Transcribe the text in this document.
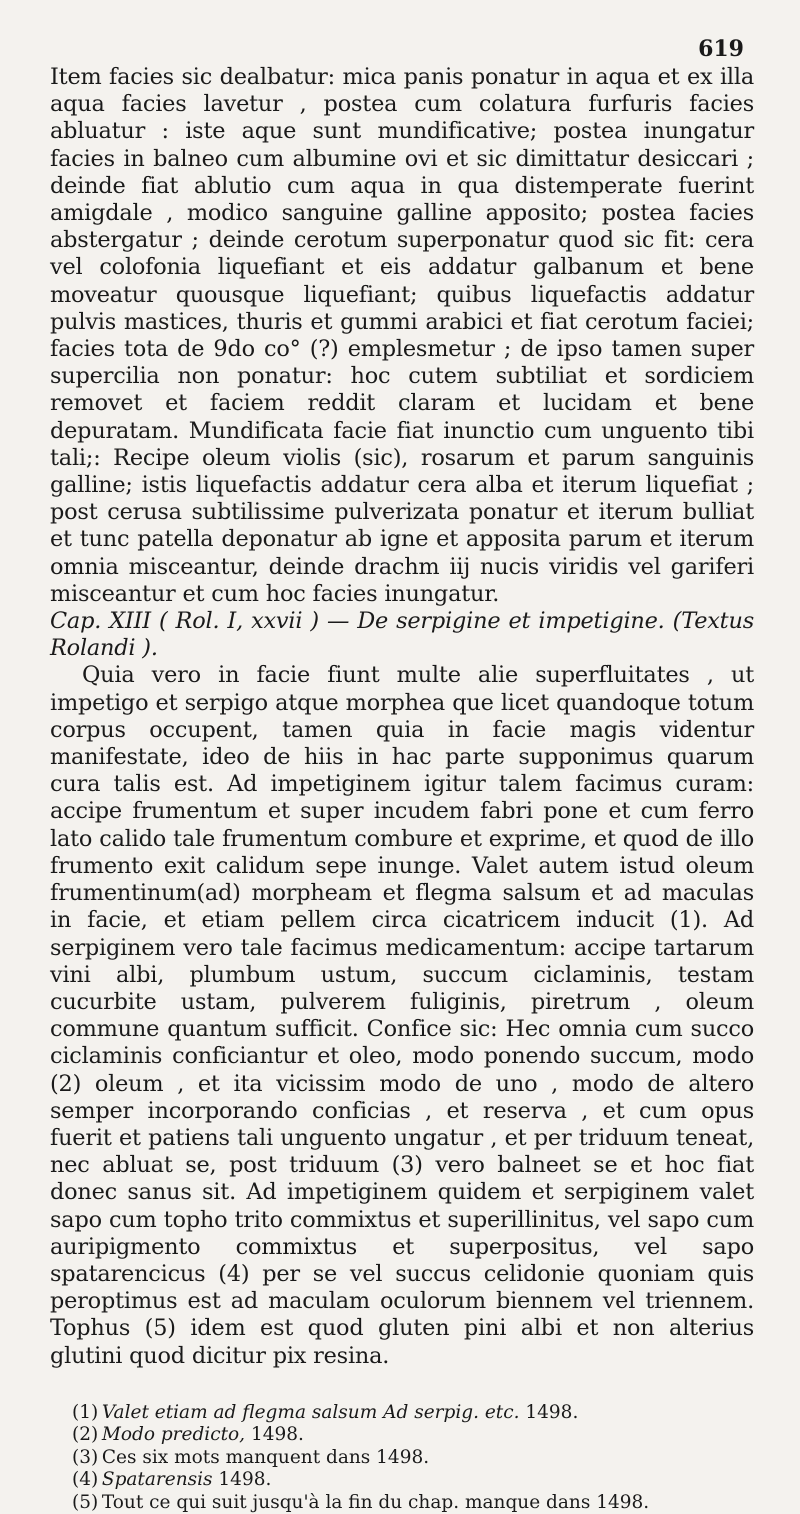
619

Item facies sic dealbatur: mica panis ponatur in aqua et ex illa aqua facies lavetur , postea cum colatura furfuris facies abluatur : iste aque sunt mundificative; postea inungatur facies in balneo cum albumine ovi et sic dimittatur desiccari ; deinde fiat ablutio cum aqua in qua distemperate fuerint amigdale , modico sanguine galline apposito; postea facies abstergatur ; deinde cerotum superponatur quod sic fit: cera vel colofonia liquefiant et eis addatur galbanum et bene moveatur quousque liquefiant; quibus liquefactis addatur pulvis mastices, thuris et gummi arabici et fiat cerotum faciei; facies tota de 9do co° (?) emplesmetur ; de ipso tamen super supercilia non ponatur: hoc cutem subtiliat et sordiciem removet et faciem reddit claram et lucidam et bene depuratam. Mundificata facie fiat inunctio cum unguento tibi tali;: Recipe oleum violis (sic), rosarum et parum sanguinis galline; istis liquefactis addatur cera alba et iterum liquefiat ; post cerusa subtilissime pulverizata ponatur et iterum bulliat et tunc patella deponatur ab igne et apposita parum et iterum omnia misceantur, deinde drachm iij nucis viridis vel gariferi misceantur et cum hoc facies inungatur.

Cap. XIII ( Rol. I, xxvii ) — De serpigine et impetigine. (Textus Rolandi ).

Quia vero in facie fiunt multe alie superfluitates , ut impetigo et serpigo atque morphea que licet quandoque totum corpus occupent, tamen quia in facie magis videntur manifestate, ideo de hiis in hac parte supponimus quarum cura talis est. Ad impetiginem igitur talem facimus curam: accipe frumentum et super incudem fabri pone et cum ferro lato calido tale frumentum combure et exprime, et quod de illo frumento exit calidum sepe inunge. Valet autem istud oleum frumentinum(ad) morpheam et flegma salsum et ad maculas in facie, et etiam pellem circa cicatricem inducit (1). Ad serpiginem vero tale facimus medicamentum: accipe tartarum vini albi, plumbum ustum, succum ciclaminis, testam cucurbite ustam, pulverem fuliginis, piretrum , oleum commune quantum sufficit. Confice sic: Hec omnia cum succo ciclaminis conficiantur et oleo, modo ponendo succum, modo (2) oleum , et ita vicissim modo de uno , modo de altero semper incorporando conficias , et reserva , et cum opus fuerit et patiens tali unguento ungatur , et per triduum teneat, nec abluat se, post triduum (3) vero balneet se et hoc fiat donec sanus sit. Ad impetiginem quidem et serpiginem valet sapo cum topho trito commixtus et superillinitus, vel sapo cum auripigmento commixtus et superpositus, vel sapo spatarencicus (4) per se vel succus celidonie quoniam quis peroptimus est ad maculam oculorum biennem vel triennem. Tophus (5) idem est quod gluten pini albi et non alterius glutini quod dicitur pix resina.

(1) Valet etiam ad flegma salsum Ad serpig. etc. 1498.
(2) Modo predicto, 1498.
(3) Ces six mots manquent dans 1498.
(4) Spatarensis 1498.
(5) Tout ce qui suit jusqu'à la fin du chap. manque dans 1498.
